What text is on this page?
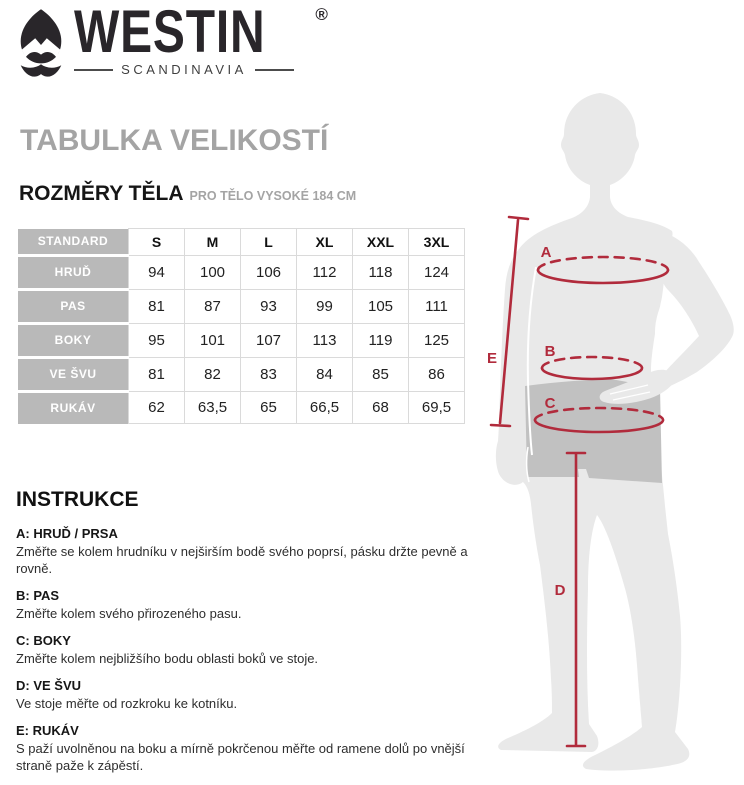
WESTIN	®
SCANDINAVIA
TABULKA VELIKOSTÍ
ROZMĚRY TĚLA PRO TĚLO VYSOKÉ 184 CM
STANDARD	S	M	L	XL	XXL	3XL
HRUĎ	94	100	106	112	118	124
PAS	81	87	93	99	105	111
BOKY	95	101	107	113	119	125
VE ŠVU	81	82	83	84	85	86
RUKÁV	62	63,5	65	66,5	68	69,5
INSTRUKCE
A: HRUĎ / PRSA
Změřte se kolem hrudníku v nejširším bodě svého poprsí, pásku držte pevně a rovně.
B: PAS
Změřte kolem svého přirozeného pasu.
C: BOKY
Změřte kolem nejbližšího bodu oblasti boků ve stoje.
D: VE ŠVU
Ve stoje měřte od rozkroku ke kotníku.
E: RUKÁV
S paží uvolněnou na boku a mírně pokrčenou měřte od ramene dolů po vnější straně paže k zápěstí.
A
B
C
D
E
